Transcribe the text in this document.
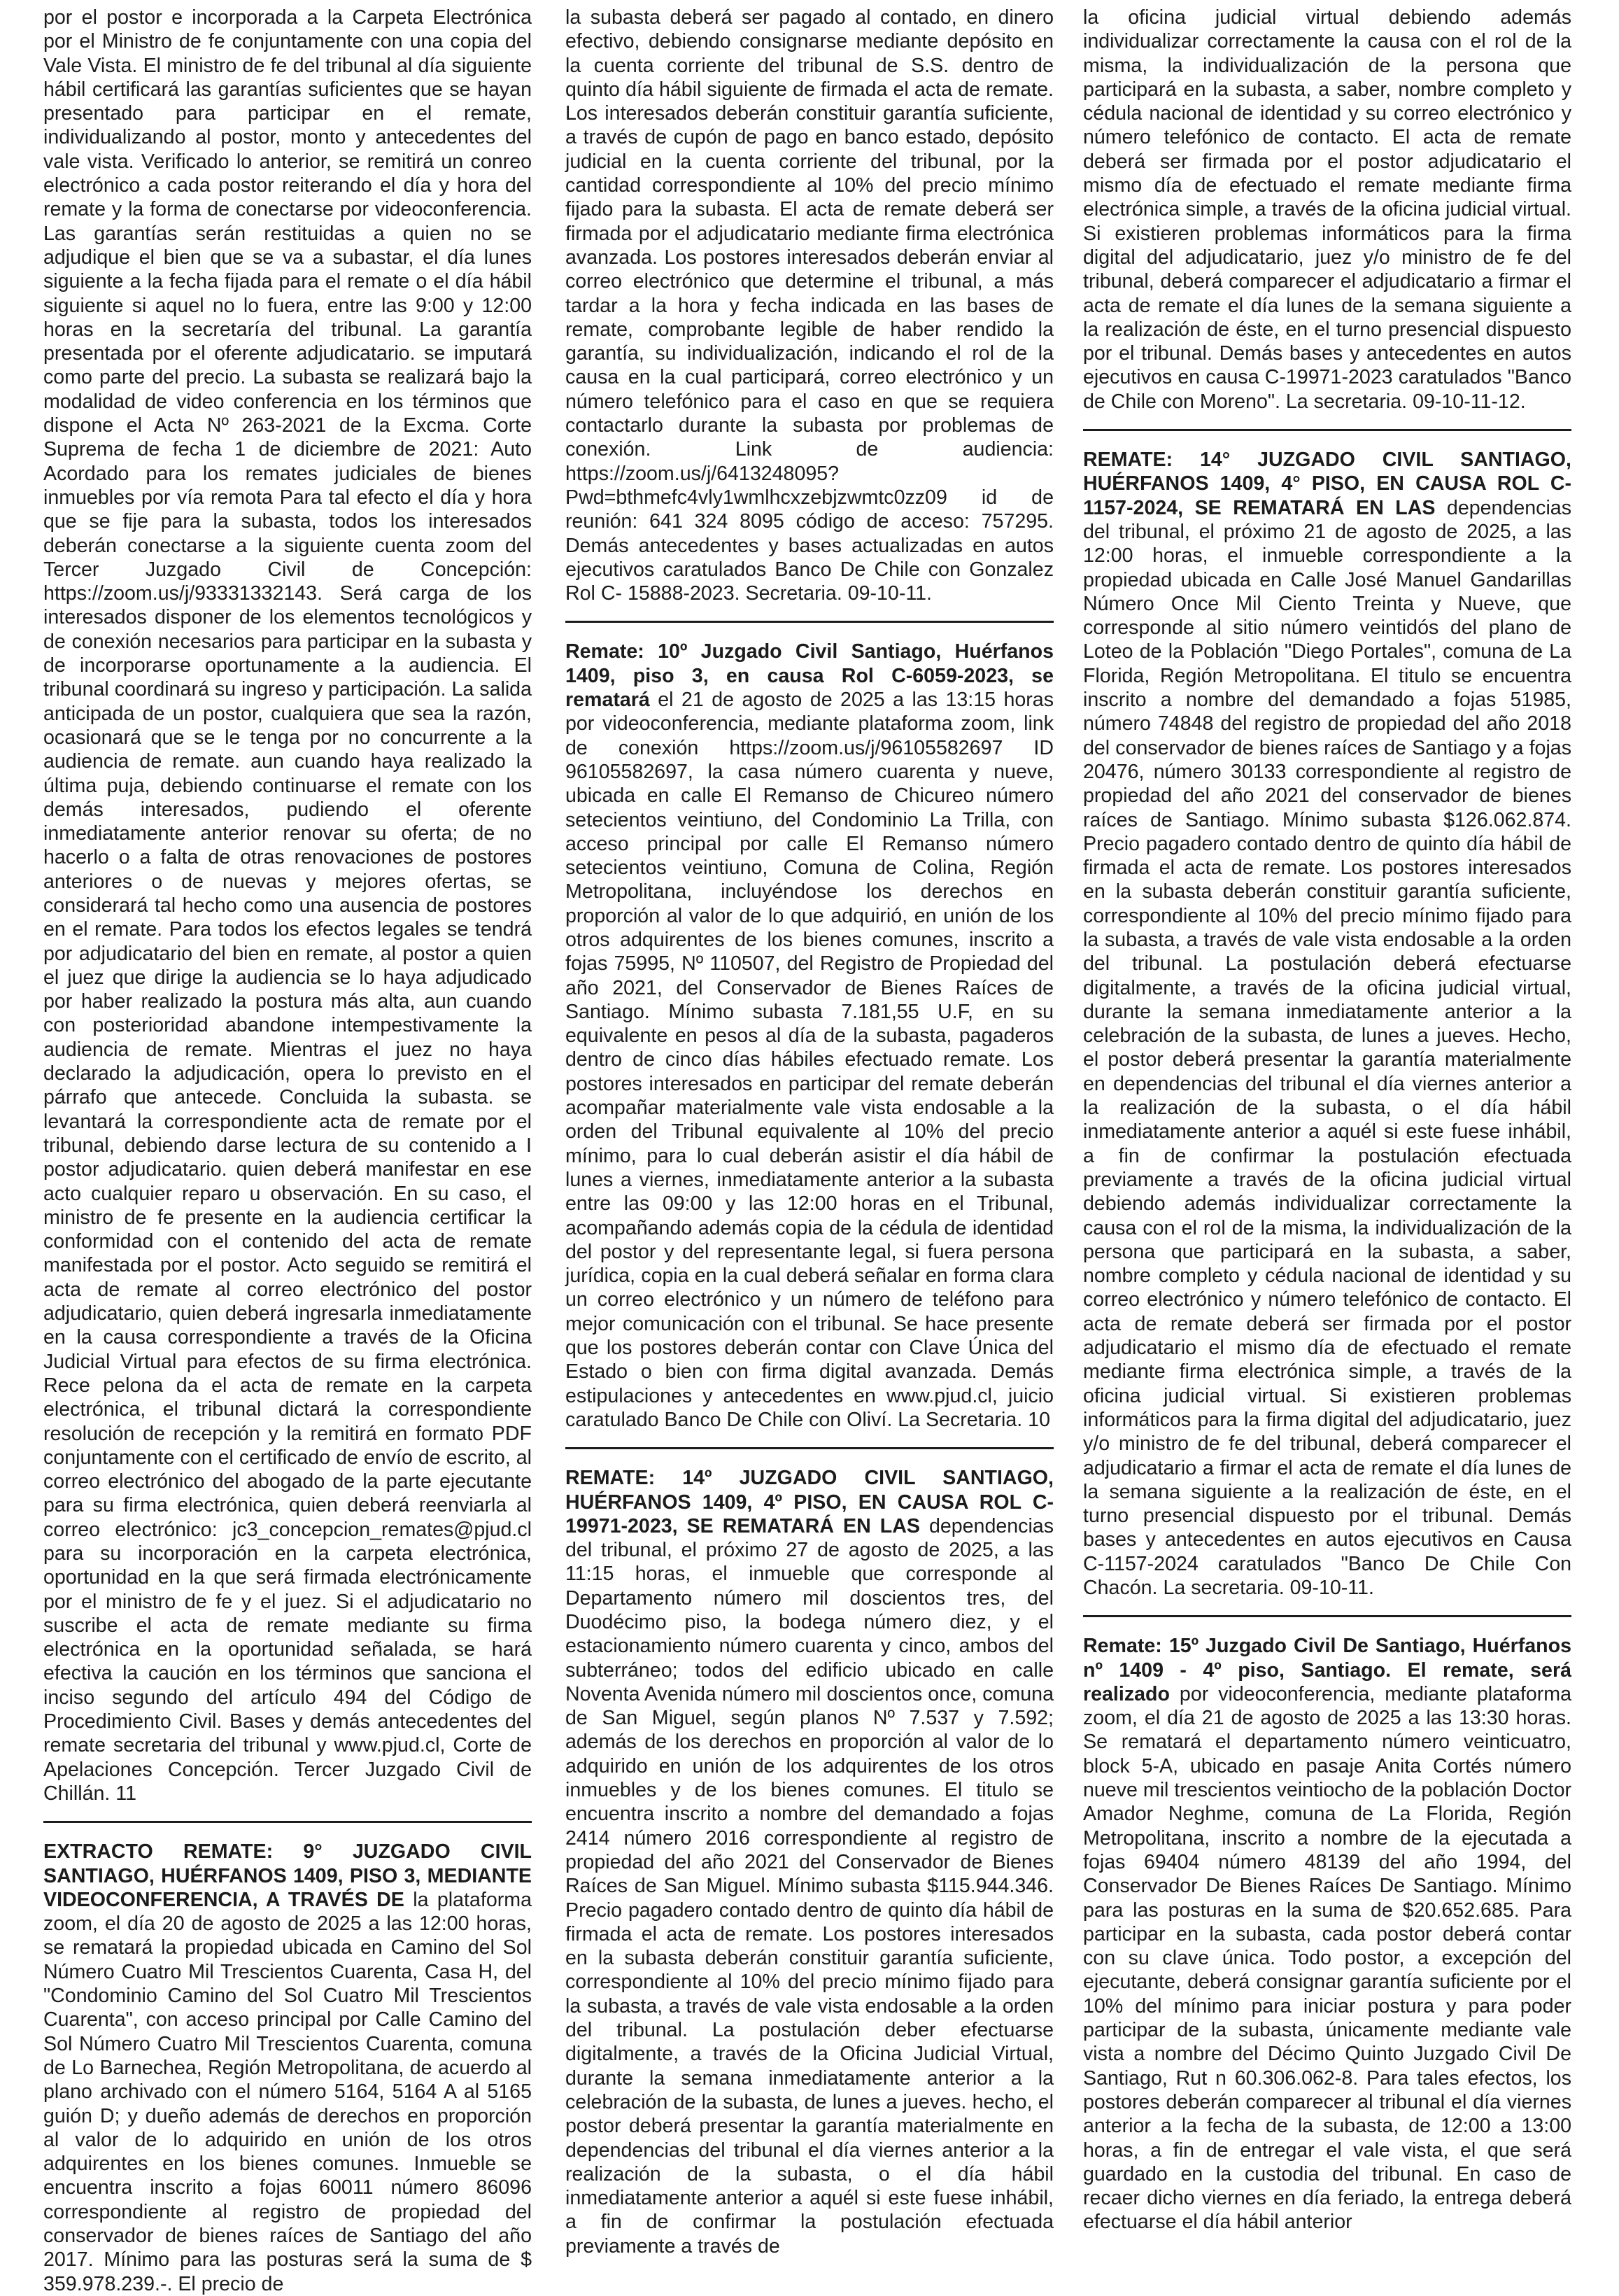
por el postor e incorporada a la Carpeta Electrónica por el Ministro de fe conjuntamente con una copia del Vale Vista. El ministro de fe del tribunal al día siguiente hábil certificará las garantías suficientes que se hayan presentado para participar en el remate, individualizando al postor, monto y antecedentes del vale vista. Verificado lo anterior, se remitirá un conreo electrónico a cada postor reiterando el día y hora del remate y la forma de conectarse por videoconferencia. Las garantías serán restituidas a quien no se adjudique el bien que se va a subastar, el día lunes siguiente a la fecha fijada para el remate o el día hábil siguiente si aquel no lo fuera, entre las 9:00 y 12:00 horas en la secretaría del tribunal. La garantía presentada por el oferente adjudicatario. se imputará como parte del precio. La subasta se realizará bajo la modalidad de video conferencia en los términos que dispone el Acta Nº 263-2021 de la Excma. Corte Suprema de fecha 1 de diciembre de 2021: Auto Acordado para los remates judiciales de bienes inmuebles por vía remota Para tal efecto el día y hora que se fije para la subasta, todos los interesados deberán conectarse a la siguiente cuenta zoom del Tercer Juzgado Civil de Concepción: https://zoom.us/j/93331332143. Será carga de los interesados disponer de los elementos tecnológicos y de conexión necesarios para participar en la subasta y de incorporarse oportunamente a la audiencia. El tribunal coordinará su ingreso y participación. La salida anticipada de un postor, cualquiera que sea la razón, ocasionará que se le tenga por no concurrente a la audiencia de remate. aun cuando haya realizado la última puja, debiendo continuarse el remate con los demás interesados, pudiendo el oferente inmediatamente anterior renovar su oferta; de no hacerlo o a falta de otras renovaciones de postores anteriores o de nuevas y mejores ofertas, se considerará tal hecho como una ausencia de postores en el remate. Para todos los efectos legales se tendrá por adjudicatario del bien en remate, al postor a quien el juez que dirige la audiencia se lo haya adjudicado por haber realizado la postura más alta, aun cuando con posterioridad abandone intempestivamente la audiencia de remate. Mientras el juez no haya declarado la adjudicación, opera lo previsto en el párrafo que antecede. Concluida la subasta. se levantará la correspondiente acta de remate por el tribunal, debiendo darse lectura de su contenido a I postor adjudicatario. quien deberá manifestar en ese acto cualquier reparo u observación. En su caso, el ministro de fe presente en la audiencia certificar la conformidad con el contenido del acta de remate manifestada por el postor. Acto seguido se remitirá el acta de remate al correo electrónico del postor adjudicatario, quien deberá ingresarla inmediatamente en la causa correspondiente a través de la Oficina Judicial Virtual para efectos de su firma electrónica. Rece pelona da el acta de remate en la carpeta electrónica, el tribunal dictará la correspondiente resolución de recepción y la remitirá en formato PDF conjuntamente con el certificado de envío de escrito, al correo electrónico del abogado de la parte ejecutante para su firma electrónica, quien deberá reenviarla al correo electrónico: jc3_concepcion_remates@pjud.cl para su incorporación en la carpeta electrónica, oportunidad en la que será firmada electrónicamente por el ministro de fe y el juez. Si el adjudicatario no suscribe el acta de remate mediante su firma electrónica en la oportunidad señalada, se hará efectiva la caución en los términos que sanciona el inciso segundo del artículo 494 del Código de Procedimiento Civil. Bases y demás antecedentes del remate secretaria del tribunal y www.pjud.cl, Corte de Apelaciones Concepción. Tercer Juzgado Civil de Chillán. 11

EXTRACTO REMATE: 9° JUZGADO CIVIL SANTIAGO, HUÉRFANOS 1409, PISO 3, MEDIANTE VIDEOCONFERENCIA, A TRAVÉS DE la plataforma zoom, el día 20 de agosto de 2025 a las 12:00 horas, se rematará la propiedad ubicada en Camino del Sol Número Cuatro Mil Trescientos Cuarenta, Casa H, del "Condominio Camino del Sol Cuatro Mil Trescientos Cuarenta", con acceso principal por Calle Camino del Sol Número Cuatro Mil Trescientos Cuarenta, comuna de Lo Barnechea, Región Metropolitana, de acuerdo al plano archivado con el número 5164, 5164 A al 5165 guión D; y dueño además de derechos en proporción al valor de lo adquirido en unión de los otros adquirentes en los bienes comunes. Inmueble se encuentra inscrito a fojas 60011 número 86096 correspondiente al registro de propiedad del conservador de bienes raíces de Santiago del año 2017. Mínimo para las posturas será la suma de $ 359.978.239.-. El precio de

la subasta deberá ser pagado al contado, en dinero efectivo, debiendo consignarse mediante depósito en la cuenta corriente del tribunal de S.S. dentro de quinto día hábil siguiente de firmada el acta de remate. Los interesados deberán constituir garantía suficiente, a través de cupón de pago en banco estado, depósito judicial en la cuenta corriente del tribunal, por la cantidad correspondiente al 10% del precio mínimo fijado para la subasta. El acta de remate deberá ser firmada por el adjudicatario mediante firma electrónica avanzada. Los postores interesados deberán enviar al correo electrónico que determine el tribunal, a más tardar a la hora y fecha indicada en las bases de remate, comprobante legible de haber rendido la garantía, su individualización, indicando el rol de la causa en la cual participará, correo electrónico y un número telefónico para el caso en que se requiera contactarlo durante la subasta por problemas de conexión. Link de audiencia: https://zoom.us/j/6413248095?Pwd=bthmefc4vly1wmlhcxzebjzwmtc0zz09 id de reunión: 641 324 8095 código de acceso: 757295. Demás antecedentes y bases actualizadas en autos ejecutivos caratulados Banco De Chile con Gonzalez Rol C- 15888-2023. Secretaria. 09-10-11.

Remate: 10º Juzgado Civil Santiago, Huérfanos 1409, piso 3, en causa Rol C-6059-2023, se rematará el 21 de agosto de 2025 a las 13:15 horas por videoconferencia, mediante plataforma zoom, link de conexión https://zoom.us/j/96105582697 ID 96105582697, la casa número cuarenta y nueve, ubicada en calle El Remanso de Chicureo número setecientos veintiuno, del Condominio La Trilla, con acceso principal por calle El Remanso número setecientos veintiuno, Comuna de Colina, Región Metropolitana, incluyéndose los derechos en proporción al valor de lo que adquirió, en unión de los otros adquirentes de los bienes comunes, inscrito a fojas 75995, Nº 110507, del Registro de Propiedad del año 2021, del Conservador de Bienes Raíces de Santiago. Mínimo subasta 7.181,55 U.F, en su equivalente en pesos al día de la subasta, pagaderos dentro de cinco días hábiles efectuado remate. Los postores interesados en participar del remate deberán acompañar materialmente vale vista endosable a la orden del Tribunal equivalente al 10% del precio mínimo, para lo cual deberán asistir el día hábil de lunes a viernes, inmediatamente anterior a la subasta entre las 09:00 y las 12:00 horas en el Tribunal, acompañando además copia de la cédula de identidad del postor y del representante legal, si fuera persona jurídica, copia en la cual deberá señalar en forma clara un correo electrónico y un número de teléfono para mejor comunicación con el tribunal. Se hace presente que los postores deberán contar con Clave Única del Estado o bien con firma digital avanzada. Demás estipulaciones y antecedentes en www.pjud.cl, juicio caratulado Banco De Chile con Oliví. La Secretaria. 10

REMATE: 14º JUZGADO CIVIL SANTIAGO, HUÉRFANOS 1409, 4º PISO, EN CAUSA ROL C-19971-2023, SE REMATARÁ EN LAS dependencias del tribunal, el próximo 27 de agosto de 2025, a las 11:15 horas, el inmueble que corresponde al Departamento número mil doscientos tres, del Duodécimo piso, la bodega número diez, y el estacionamiento número cuarenta y cinco, ambos del subterráneo; todos del edificio ubicado en calle Noventa Avenida número mil doscientos once, comuna de San Miguel, según planos Nº 7.537 y 7.592; además de los derechos en proporción al valor de lo adquirido en unión de los adquirentes de los otros inmuebles y de los bienes comunes. El titulo se encuentra inscrito a nombre del demandado a fojas 2414 número 2016 correspondiente al registro de propiedad del año 2021 del Conservador de Bienes Raíces de San Miguel. Mínimo subasta $115.944.346. Precio pagadero contado dentro de quinto día hábil de firmada el acta de remate. Los postores interesados en la subasta deberán constituir garantía suficiente, correspondiente al 10% del precio mínimo fijado para la subasta, a través de vale vista endosable a la orden del tribunal. La postulación deber efectuarse digitalmente, a través de la Oficina Judicial Virtual, durante la semana inmediatamente anterior a la celebración de la subasta, de lunes a jueves. hecho, el postor deberá presentar la garantía materialmente en dependencias del tribunal el día viernes anterior a la realización de la subasta, o el día hábil inmediatamente anterior a aquél si este fuese inhábil, a fin de confirmar la postulación efectuada previamente a través de

la oficina judicial virtual debiendo además individualizar correctamente la causa con el rol de la misma, la individualización de la persona que participará en la subasta, a saber, nombre completo y cédula nacional de identidad y su correo electrónico y número telefónico de contacto. El acta de remate deberá ser firmada por el postor adjudicatario el mismo día de efectuado el remate mediante firma electrónica simple, a través de la oficina judicial virtual. Si existieren problemas informáticos para la firma digital del adjudicatario, juez y/o ministro de fe del tribunal, deberá comparecer el adjudicatario a firmar el acta de remate el día lunes de la semana siguiente a la realización de éste, en el turno presencial dispuesto por el tribunal. Demás bases y antecedentes en autos ejecutivos en causa C-19971-2023 caratulados "Banco de Chile con Moreno". La secretaria. 09-10-11-12.

REMATE: 14° JUZGADO CIVIL SANTIAGO, HUÉRFANOS 1409, 4° PISO, EN CAUSA ROL C-1157-2024, SE REMATARÁ EN LAS dependencias del tribunal, el próximo 21 de agosto de 2025, a las 12:00 horas, el inmueble correspondiente a la propiedad ubicada en Calle José Manuel Gandarillas Número Once Mil Ciento Treinta y Nueve, que corresponde al sitio número veintidós del plano de Loteo de la Población "Diego Portales", comuna de La Florida, Región Metropolitana. El titulo se encuentra inscrito a nombre del demandado a fojas 51985, número 74848 del registro de propiedad del año 2018 del conservador de bienes raíces de Santiago y a fojas 20476, número 30133 correspondiente al registro de propiedad del año 2021 del conservador de bienes raíces de Santiago. Mínimo subasta $126.062.874. Precio pagadero contado dentro de quinto día hábil de firmada el acta de remate. Los postores interesados en la subasta deberán constituir garantía suficiente, correspondiente al 10% del precio mínimo fijado para la subasta, a través de vale vista endosable a la orden del tribunal. La postulación deberá efectuarse digitalmente, a través de la oficina judicial virtual, durante la semana inmediatamente anterior a la celebración de la subasta, de lunes a jueves. Hecho, el postor deberá presentar la garantía materialmente en dependencias del tribunal el día viernes anterior a la realización de la subasta, o el día hábil inmediatamente anterior a aquél si este fuese inhábil, a fin de confirmar la postulación efectuada previamente a través de la oficina judicial virtual debiendo además individualizar correctamente la causa con el rol de la misma, la individualización de la persona que participará en la subasta, a saber, nombre completo y cédula nacional de identidad y su correo electrónico y número telefónico de contacto. El acta de remate deberá ser firmada por el postor adjudicatario el mismo día de efectuado el remate mediante firma electrónica simple, a través de la oficina judicial virtual. Si existieren problemas informáticos para la firma digital del adjudicatario, juez y/o ministro de fe del tribunal, deberá comparecer el adjudicatario a firmar el acta de remate el día lunes de la semana siguiente a la realización de éste, en el turno presencial dispuesto por el tribunal. Demás bases y antecedentes en autos ejecutivos en Causa C-1157-2024 caratulados "Banco De Chile Con Chacón. La secretaria. 09-10-11.

Remate: 15º Juzgado Civil De Santiago, Huérfanos nº 1409 - 4º piso, Santiago. El remate, será realizado por videoconferencia, mediante plataforma zoom, el día 21 de agosto de 2025 a las 13:30 horas. Se rematará el departamento número veinticuatro, block 5-A, ubicado en pasaje Anita Cortés número nueve mil trescientos veintiocho de la población Doctor Amador Neghme, comuna de La Florida, Región Metropolitana, inscrito a nombre de la ejecutada a fojas 69404 número 48139 del año 1994, del Conservador De Bienes Raíces De Santiago. Mínimo para las posturas en la suma de $20.652.685. Para participar en la subasta, cada postor deberá contar con su clave única. Todo postor, a excepción del ejecutante, deberá consignar garantía suficiente por el 10% del mínimo para iniciar postura y para poder participar de la subasta, únicamente mediante vale vista a nombre del Décimo Quinto Juzgado Civil De Santiago, Rut n 60.306.062-8. Para tales efectos, los postores deberán comparecer al tribunal el día viernes anterior a la fecha de la subasta, de 12:00 a 13:00 horas, a fin de entregar el vale vista, el que será guardado en la custodia del tribunal. En caso de recaer dicho viernes en día feriado, la entrega deberá efectuarse el día hábil anterior
